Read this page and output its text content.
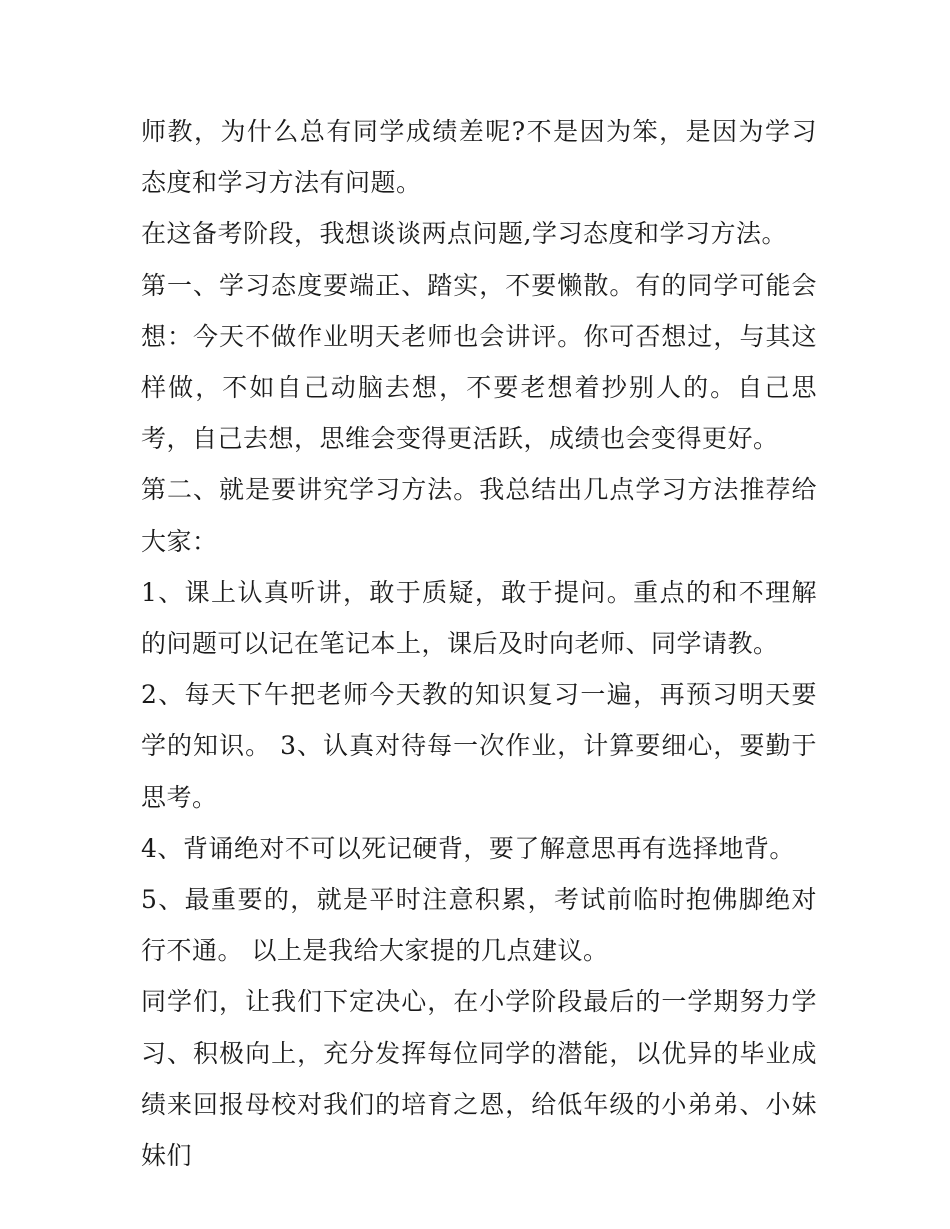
师教，为什么总有同学成绩差呢?不是因为笨，是因为学习态度和学习方法有问题。

在这备考阶段，我想谈谈两点问题,学习态度和学习方法。

第一、学习态度要端正、踏实，不要懒散。有的同学可能会想：今天不做作业明天老师也会讲评。你可否想过，与其这样做，不如自己动脑去想，不要老想着抄别人的。自己思考，自己去想，思维会变得更活跃，成绩也会变得更好。

第二、就是要讲究学习方法。我总结出几点学习方法推荐给大家：

1、课上认真听讲，敢于质疑，敢于提问。重点的和不理解的问题可以记在笔记本上，课后及时向老师、同学请教。

2、每天下午把老师今天教的知识复习一遍，再预习明天要学的知识。 3、认真对待每一次作业，计算要细心，要勤于思考。

4、背诵绝对不可以死记硬背，要了解意思再有选择地背。

5、最重要的，就是平时注意积累，考试前临时抱佛脚绝对行不通。 以上是我给大家提的几点建议。

同学们，让我们下定决心，在小学阶段最后的一学期努力学习、积极向上，充分发挥每位同学的潜能，以优异的毕业成绩来回报母校对我们的培育之恩，给低年级的小弟弟、小妹妹们
